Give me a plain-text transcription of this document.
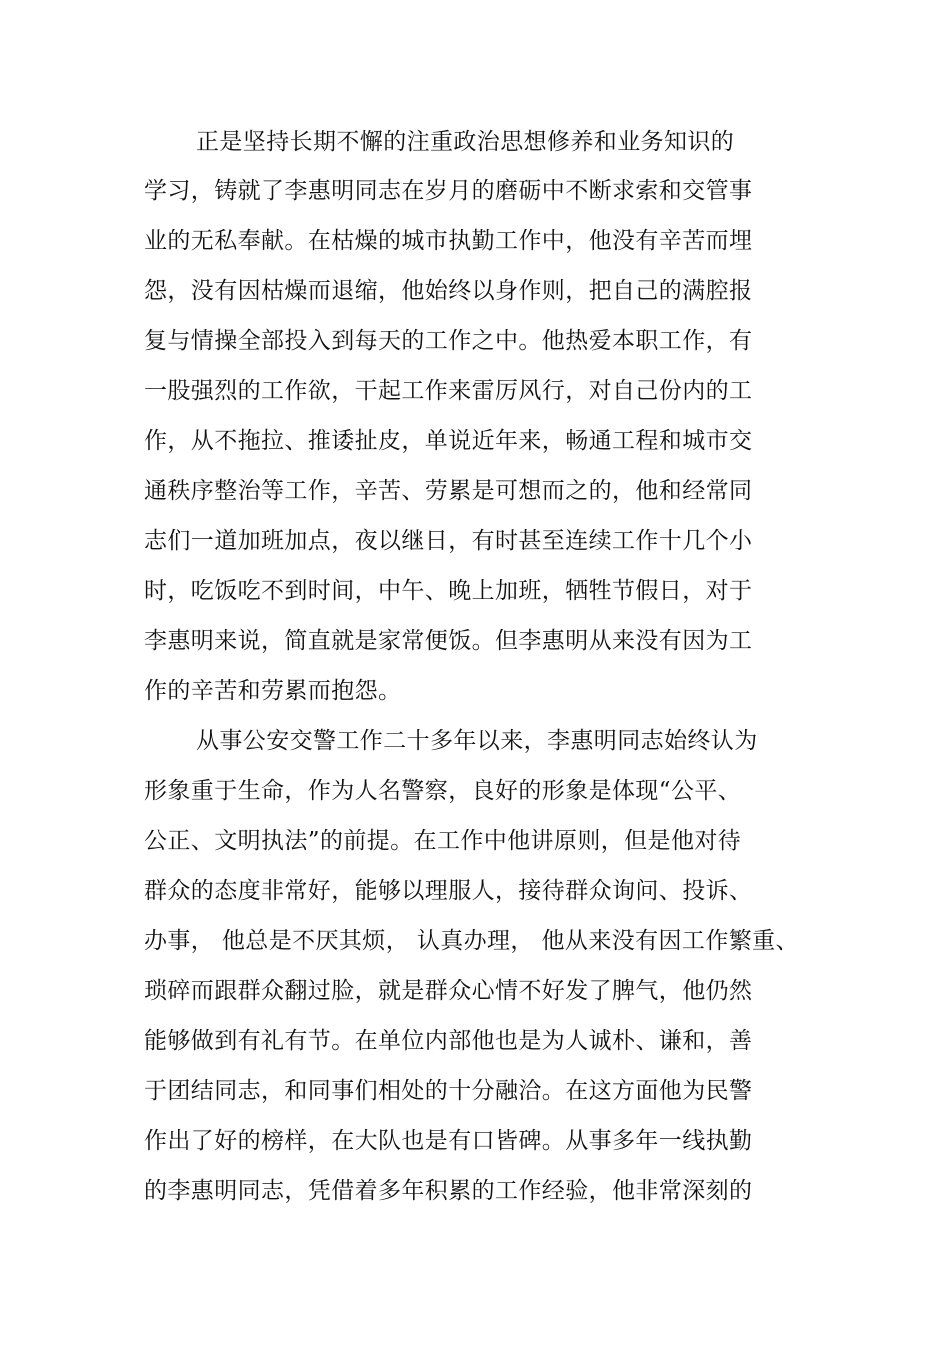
正是坚持长期不懈的注重政治思想修养和业务知识的
学习，铸就了李惠明同志在岁月的磨砺中不断求索和交管事
业的无私奉献。在枯燥的城市执勤工作中，他没有辛苦而埋
怨，没有因枯燥而退缩，他始终以身作则，把自己的满腔报
复与情操全部投入到每天的工作之中。他热爱本职工作，有
一股强烈的工作欲，干起工作来雷厉风行，对自己份内的工
作，从不拖拉、推诿扯皮，单说近年来，畅通工程和城市交
通秩序整治等工作，辛苦、劳累是可想而之的，他和经常同
志们一道加班加点，夜以继日，有时甚至连续工作十几个小
时，吃饭吃不到时间，中午、晚上加班，牺牲节假日，对于
李惠明来说，简直就是家常便饭。但李惠明从来没有因为工
作的辛苦和劳累而抱怨。
从事公安交警工作二十多年以来，李惠明同志始终认为
形象重于生命，作为人名警察，良好的形象是体现“公平、
公正、文明执法”的前提。在工作中他讲原则，但是他对待
群众的态度非常好，能够以理服人，接待群众询问、投诉、
办事， 他总是不厌其烦， 认真办理， 他从来没有因工作繁重、
琐碎而跟群众翻过脸，就是群众心情不好发了脾气，他仍然
能够做到有礼有节。在单位内部他也是为人诚朴、谦和，善
于团结同志，和同事们相处的十分融洽。在这方面他为民警
作出了好的榜样，在大队也是有口皆碑。从事多年一线执勤
的李惠明同志，凭借着多年积累的工作经验，他非常深刻的
